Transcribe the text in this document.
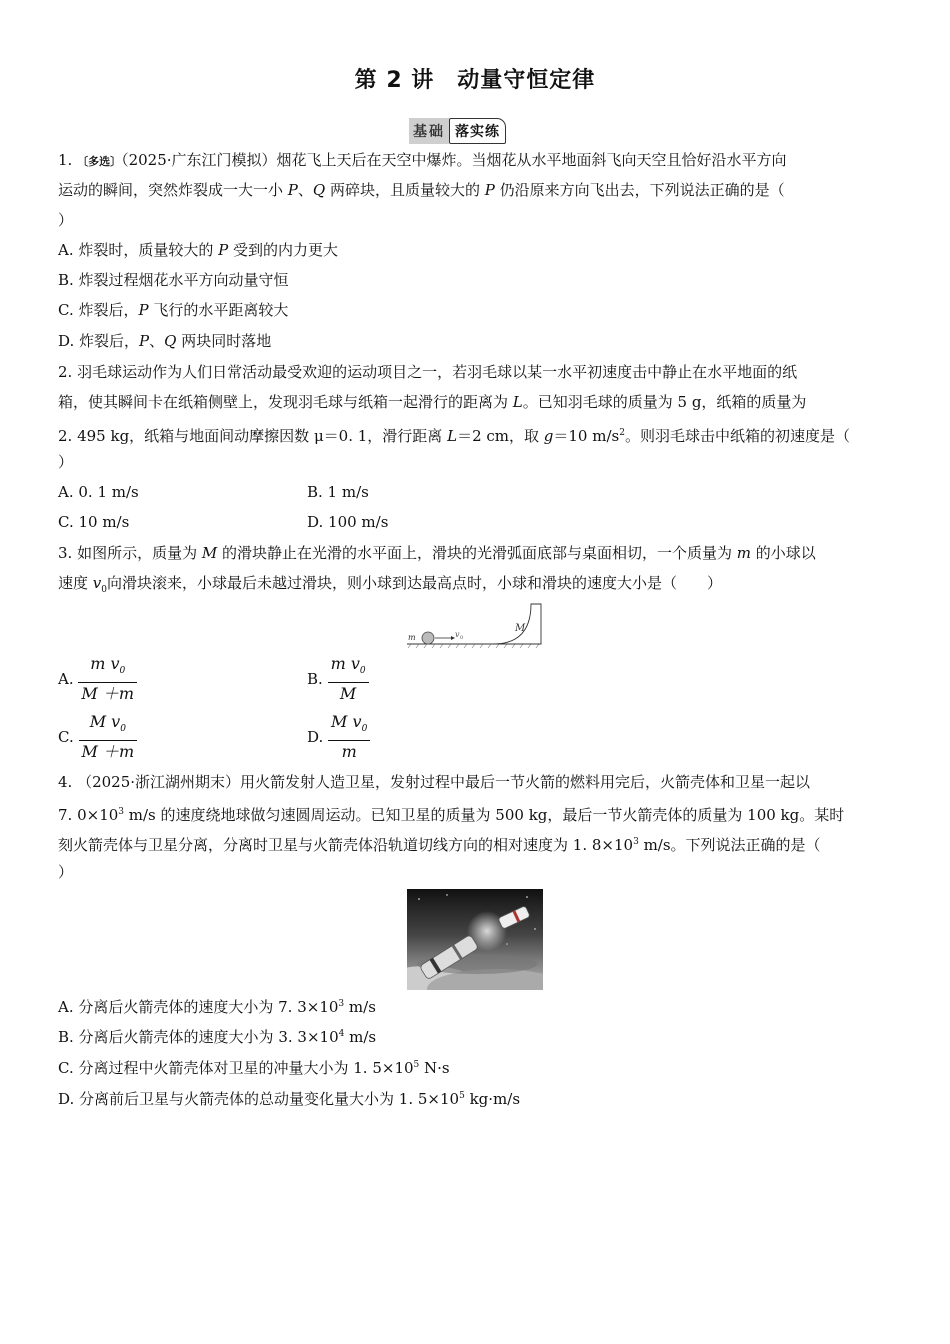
第 2 讲　动量守恒定律
基础 落实练
1. 〔多选〕（2025·广东江门模拟）烟花飞上天后在天空中爆炸。当烟花从水平地面斜飞向天空且恰好沿水平方向
运动的瞬间，突然炸裂成一大一小 P、Q 两碎块，且质量较大的 P 仍沿原来方向飞出去，下列说法正确的是（
）
A. 炸裂时，质量较大的 P 受到的内力更大
B. 炸裂过程烟花水平方向动量守恒
C. 炸裂后，P 飞行的水平距离较大
D. 炸裂后，P、Q 两块同时落地
2. 羽毛球运动作为人们日常活动最受欢迎的运动项目之一，若羽毛球以某一水平初速度击中静止在水平地面的纸
箱，使其瞬间卡在纸箱侧壁上，发现羽毛球与纸箱一起滑行的距离为 L。已知羽毛球的质量为 5 g，纸箱的质量为
2. 495 kg，纸箱与地面间动摩擦因数 μ＝0. 1，滑行距离 L＝2 cm，取 g＝10 $m/s^2$。则羽毛球击中纸箱的初速度是（
）
A. 0. 1 m/s	B. 1 m/s
C. 10 m/s	D. 100 m/s
3. 如图所示，质量为 M 的滑块静止在光滑的水平面上，滑块的光滑弧面底部与桌面相切，一个质量为 m 的小球以
速度 $v_0$向滑块滚来，小球最后未越过滑块，则小球到达最高点时，小球和滑块的速度大小是（　　）
m	v 0
M
A. $\frac{m v_0}{M +m}$	B. $\frac{m v_0}{M}$
C. $\frac{M v_0}{M +m}$	D. $\frac{M v_0}{m}$
4. （2025·浙江湖州期末）用火箭发射人造卫星，发射过程中最后一节火箭的燃料用完后，火箭壳体和卫星一起以
7. $0\times 10^3$ m/s 的速度绕地球做匀速圆周运动。已知卫星的质量为 500 kg，最后一节火箭壳体的质量为 100 kg。某时
刻火箭壳体与卫星分离，分离时卫星与火箭壳体沿轨道切线方向的相对速度为 1. $8\times 10^3$ m/s。下列说法正确的是（
）
A. 分离后火箭壳体的速度大小为 7. $3\times 10^3$ m/s
B. 分离后火箭壳体的速度大小为 3. $3\times 10^4$ m/s
C. 分离过程中火箭壳体对卫星的冲量大小为 1. $5\times 10^5$ N·s
D. 分离前后卫星与火箭壳体的总动量变化量大小为 1. $5\times 10^5$ kg·m/s
